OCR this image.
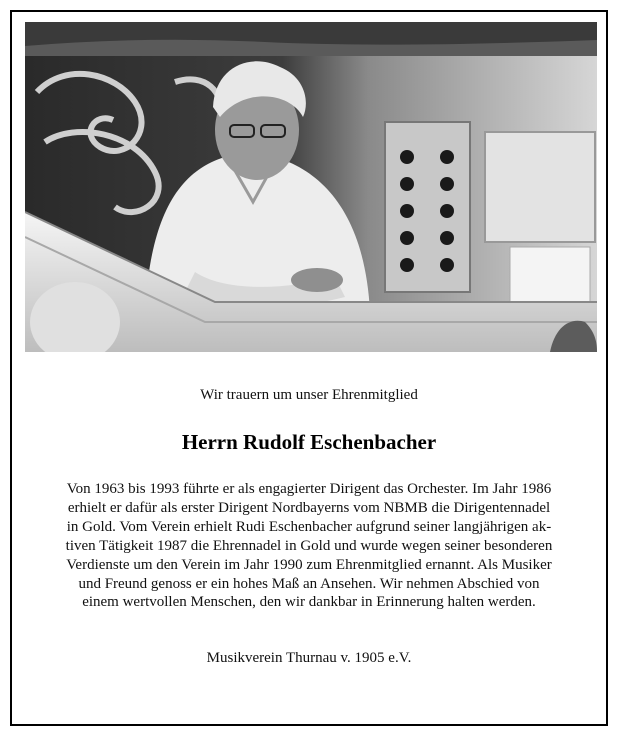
Wir trauern um unser Ehrenmitglied
Herrn Rudolf Eschenbacher
Von 1963 bis 1993 führte er als engagierter Dirigent das Orchester. Im Jahr 1986
erhielt er dafür als erster Dirigent Nordbayerns vom NBMB die Dirigentennadel
in Gold. Vom Verein erhielt Rudi Eschenbacher aufgrund seiner langjährigen ak-
tiven Tätigkeit 1987 die Ehrennadel in Gold und wurde wegen seiner besonderen
Verdienste um den Verein im Jahr 1990 zum Ehrenmitglied ernannt. Als Musiker
und Freund genoss er ein hohes Maß an Ansehen. Wir nehmen Abschied von
einem wertvollen Menschen, den wir dankbar in Erinnerung halten werden.
Musikverein Thurnau v. 1905 e.V.
